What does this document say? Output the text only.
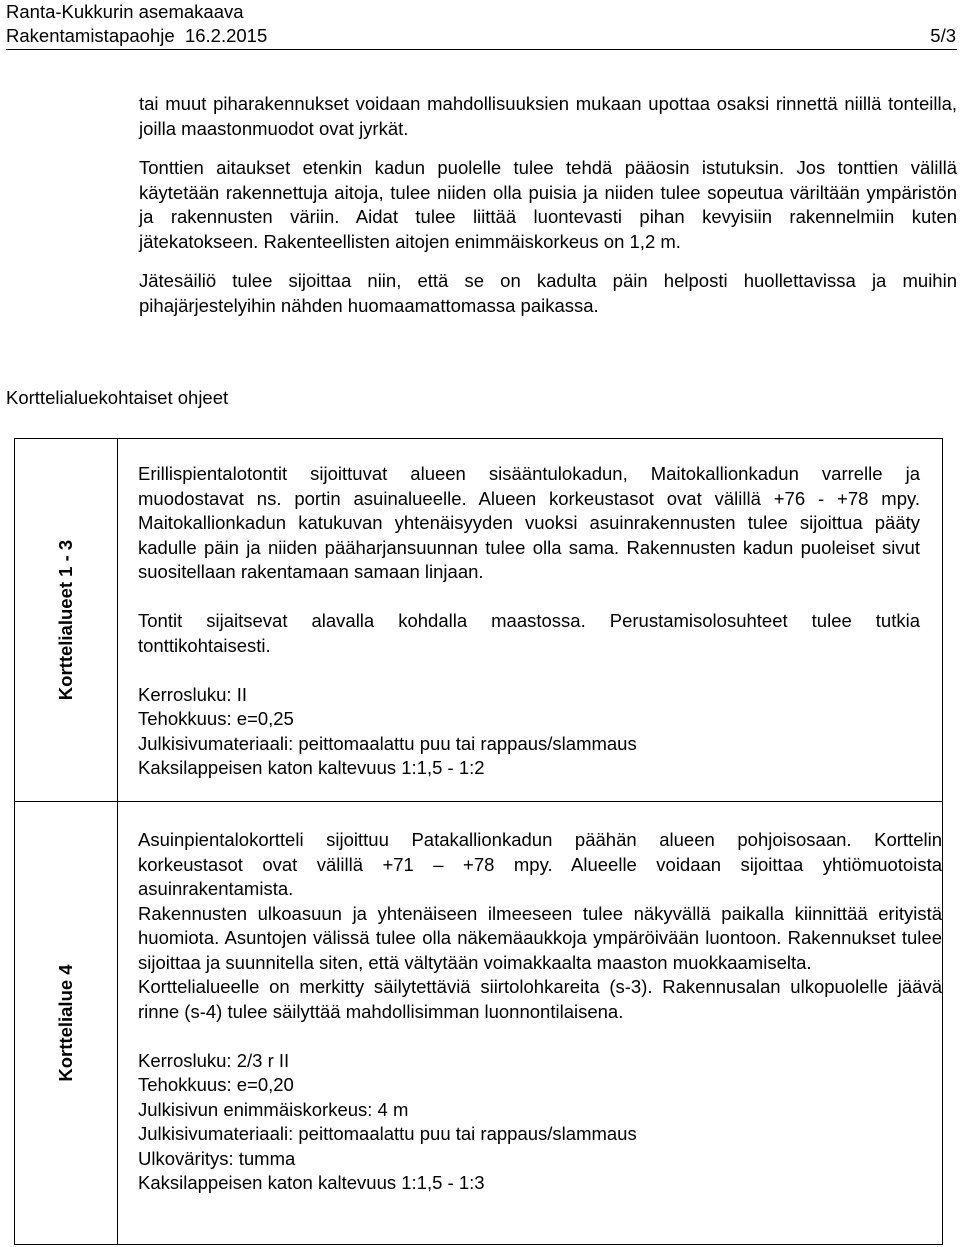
Ranta-Kukkurin asemakaava
Rakentamistapaohje  16.2.2015	5/3

tai muut piharakennukset voidaan mahdollisuuksien mukaan upottaa osaksi rinnettä niillä tonteilla, joilla maastonmuodot ovat jyrkät.

Tonttien aitaukset etenkin kadun puolelle tulee tehdä pääosin istutuksin. Jos tonttien välillä käytetään rakennettuja aitoja, tulee niiden olla puisia ja niiden tulee sopeutua väriltään ympäristön ja rakennusten väriin. Aidat tulee liittää luontevasti pihan kevyisiin rakennelmiin kuten jätekatokseen. Rakenteellisten aitojen enimmäiskorkeus on 1,2 m.

Jätesäiliö tulee sijoittaa niin, että se on kadulta päin helposti huollettavissa ja muihin pihajärjestelyihin nähden huomaamattomassa paikassa.

Korttelialuekohtaiset ohjeet
Korttelialueet 1 - 3

Erillispientalotontit sijoittuvat alueen sisääntulokadun, Maitokallionkadun varrelle ja muodostavat ns. portin asuinalueelle. Alueen korkeustasot ovat välillä +76 - +78 mpy. Maitokallionkadun katukuvan yhtenäisyyden vuoksi asuinrakennusten tulee sijoittua pääty kadulle päin ja niiden pääharjansuunnan tulee olla sama. Rakennusten kadun puoleiset sivut suositellaan rakentamaan samaan linjaan.

Tontit sijaitsevat alavalla kohdalla maastossa. Perustamisolosuhteet tulee tutkia tonttikohtaisesti.

Kerrosluku: II

Tehokkuus: e=0,25

Julkisivumateriaali: peittomaalattu puu tai rappaus/slammaus

Kaksilappeisen katon kaltevuus 1:1,5 - 1:2

Korttelialue 4

Asuinpientalokortteli sijoittuu Patakallionkadun päähän alueen pohjoisosaan. Korttelin korkeustasot ovat välillä +71 – +78 mpy. Alueelle voidaan sijoittaa yhtiömuotoista asuinrakentamista.

Rakennusten ulkoasuun ja yhtenäiseen ilmeeseen tulee näkyvällä paikalla kiinnittää erityistä huomiota. Asuntojen välissä tulee olla näkemäaukkoja ympäröivään luontoon. Rakennukset tulee sijoittaa ja suunnitella siten, että vältytään voimakkaalta maaston muokkaamiselta.

Korttelialueelle on merkitty säilytettäviä siirtolohkareita (s-3). Rakennusalan ulkopuolelle jäävä rinne (s-4) tulee säilyttää mahdollisimman luonnontilaisena.

Kerrosluku: 2/3 r II

Tehokkuus: e=0,20

Julkisivun enimmäiskorkeus: 4 m

Julkisivumateriaali: peittomaalattu puu tai rappaus/slammaus

Ulkoväritys: tumma

Kaksilappeisen katon kaltevuus 1:1,5 - 1:3
